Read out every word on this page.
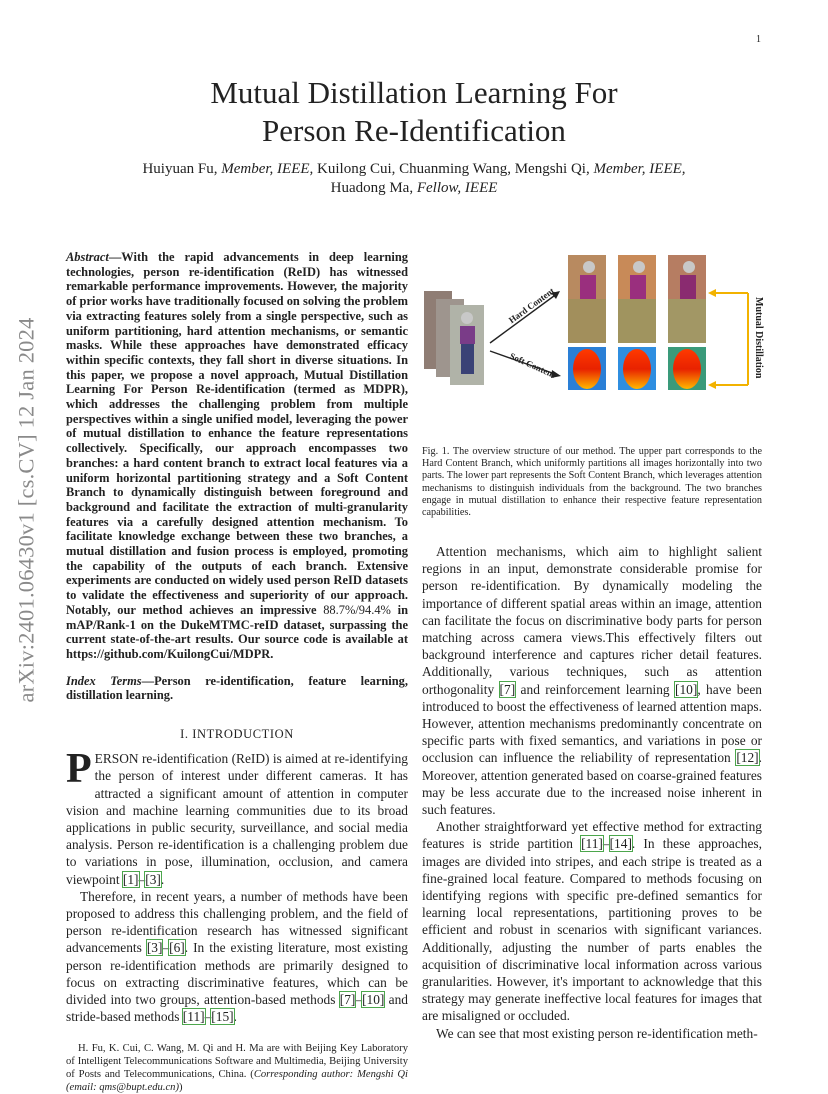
1
arXiv:2401.06430v1 [cs.CV] 12 Jan 2024
Mutual Distillation Learning For
Person Re-Identification
Huiyuan Fu, Member, IEEE, Kuilong Cui, Chuanming Wang, Mengshi Qi, Member, IEEE,
Huadong Ma, Fellow, IEEE

Abstract—With the rapid advancements in deep learning technologies, person re-identification (ReID) has witnessed remarkable performance improvements. However, the majority of prior works have traditionally focused on solving the problem via extracting features solely from a single perspective, such as uniform partitioning, hard attention mechanisms, or semantic masks. While these approaches have demonstrated efficacy within specific contexts, they fall short in diverse situations. In this paper, we propose a novel approach, Mutual Distillation Learning For Person Re-identification (termed as MDPR), which addresses the challenging problem from multiple perspectives within a single unified model, leveraging the power of mutual distillation to enhance the feature representations collectively. Specifically, our approach encompasses two branches: a hard content branch to extract local features via a uniform horizontal partitioning strategy and a Soft Content Branch to dynamically distinguish between foreground and background and facilitate the extraction of multi-granularity features via a carefully designed attention mechanism. To facilitate knowledge exchange between these two branches, a mutual distillation and fusion process is employed, promoting the capability of the outputs of each branch. Extensive experiments are conducted on widely used person ReID datasets to validate the effectiveness and superiority of our approach. Notably, our method achieves an impressive 88.7%/94.4% in mAP/Rank-1 on the DukeMTMC-reID dataset, surpassing the current state-of-the-art results. Our source code is available at https://github.com/KuilongCui/MDPR.

Index Terms—Person re-identification, feature learning, distillation learning.

I. INTRODUCTION

PERSON re-identification (ReID) is aimed at re-identifying the person of interest under different cameras. It has attracted a significant amount of attention in computer vision and machine learning communities due to its broad applications in public security, surveillance, and social media analysis. Person re-identification is a challenging problem due to variations in pose, illumination, occlusion, and camera viewpoint [1]–[3].

Therefore, in recent years, a number of methods have been proposed to address this challenging problem, and the field of person re-identification research has witnessed significant advancements [3]–[6]. In the existing literature, most existing person re-identification methods are primarily designed to focus on extracting discriminative features, which can be divided into two groups, attention-based methods [7]–[10] and stride-based methods [11]–[15].

H. Fu, K. Cui, C. Wang, M. Qi and H. Ma are with Beijing Key Laboratory of Intelligent Telecommunications Software and Multimedia, Beijing University of Posts and Telecommunications, China. (Corresponding author: Mengshi Qi (email: qms@bupt.edu.cn))

Hard Content
Soft Content	Mutual Distillation

Fig. 1. The overview structure of our method. The upper part corresponds to the Hard Content Branch, which uniformly partitions all images horizontally into two parts. The lower part represents the Soft Content Branch, which leverages attention mechanisms to distinguish individuals from the background. The two branches engage in mutual distillation to enhance their respective feature representation capabilities.

Attention mechanisms, which aim to highlight salient regions in an input, demonstrate considerable promise for person re-identification. By dynamically modeling the importance of different spatial areas within an image, attention can facilitate the focus on discriminative body parts for person matching across camera views.This effectively filters out background interference and captures richer detail features. Additionally, various techniques, such as attention orthogonality [7] and reinforcement learning [10], have been introduced to boost the effectiveness of learned attention maps. However, attention mechanisms predominantly concentrate on specific parts with fixed semantics, and variations in pose or occlusion can influence the reliability of representation [12]. Moreover, attention generated based on coarse-grained features may be less accurate due to the increased noise inherent in such features.

Another straightforward yet effective method for extracting features is stride partition [11]–[14]. In these approaches, images are divided into stripes, and each stripe is treated as a fine-grained local feature. Compared to methods focusing on identifying regions with specific pre-defined semantics for learning local representations, partitioning proves to be efficient and robust in scenarios with significant variances. Additionally, adjusting the number of parts enables the acquisition of discriminative local information across various granularities. However, it's important to acknowledge that this strategy may generate ineffective local features for images that are misaligned or occluded.

We can see that most existing person re-identification meth-
